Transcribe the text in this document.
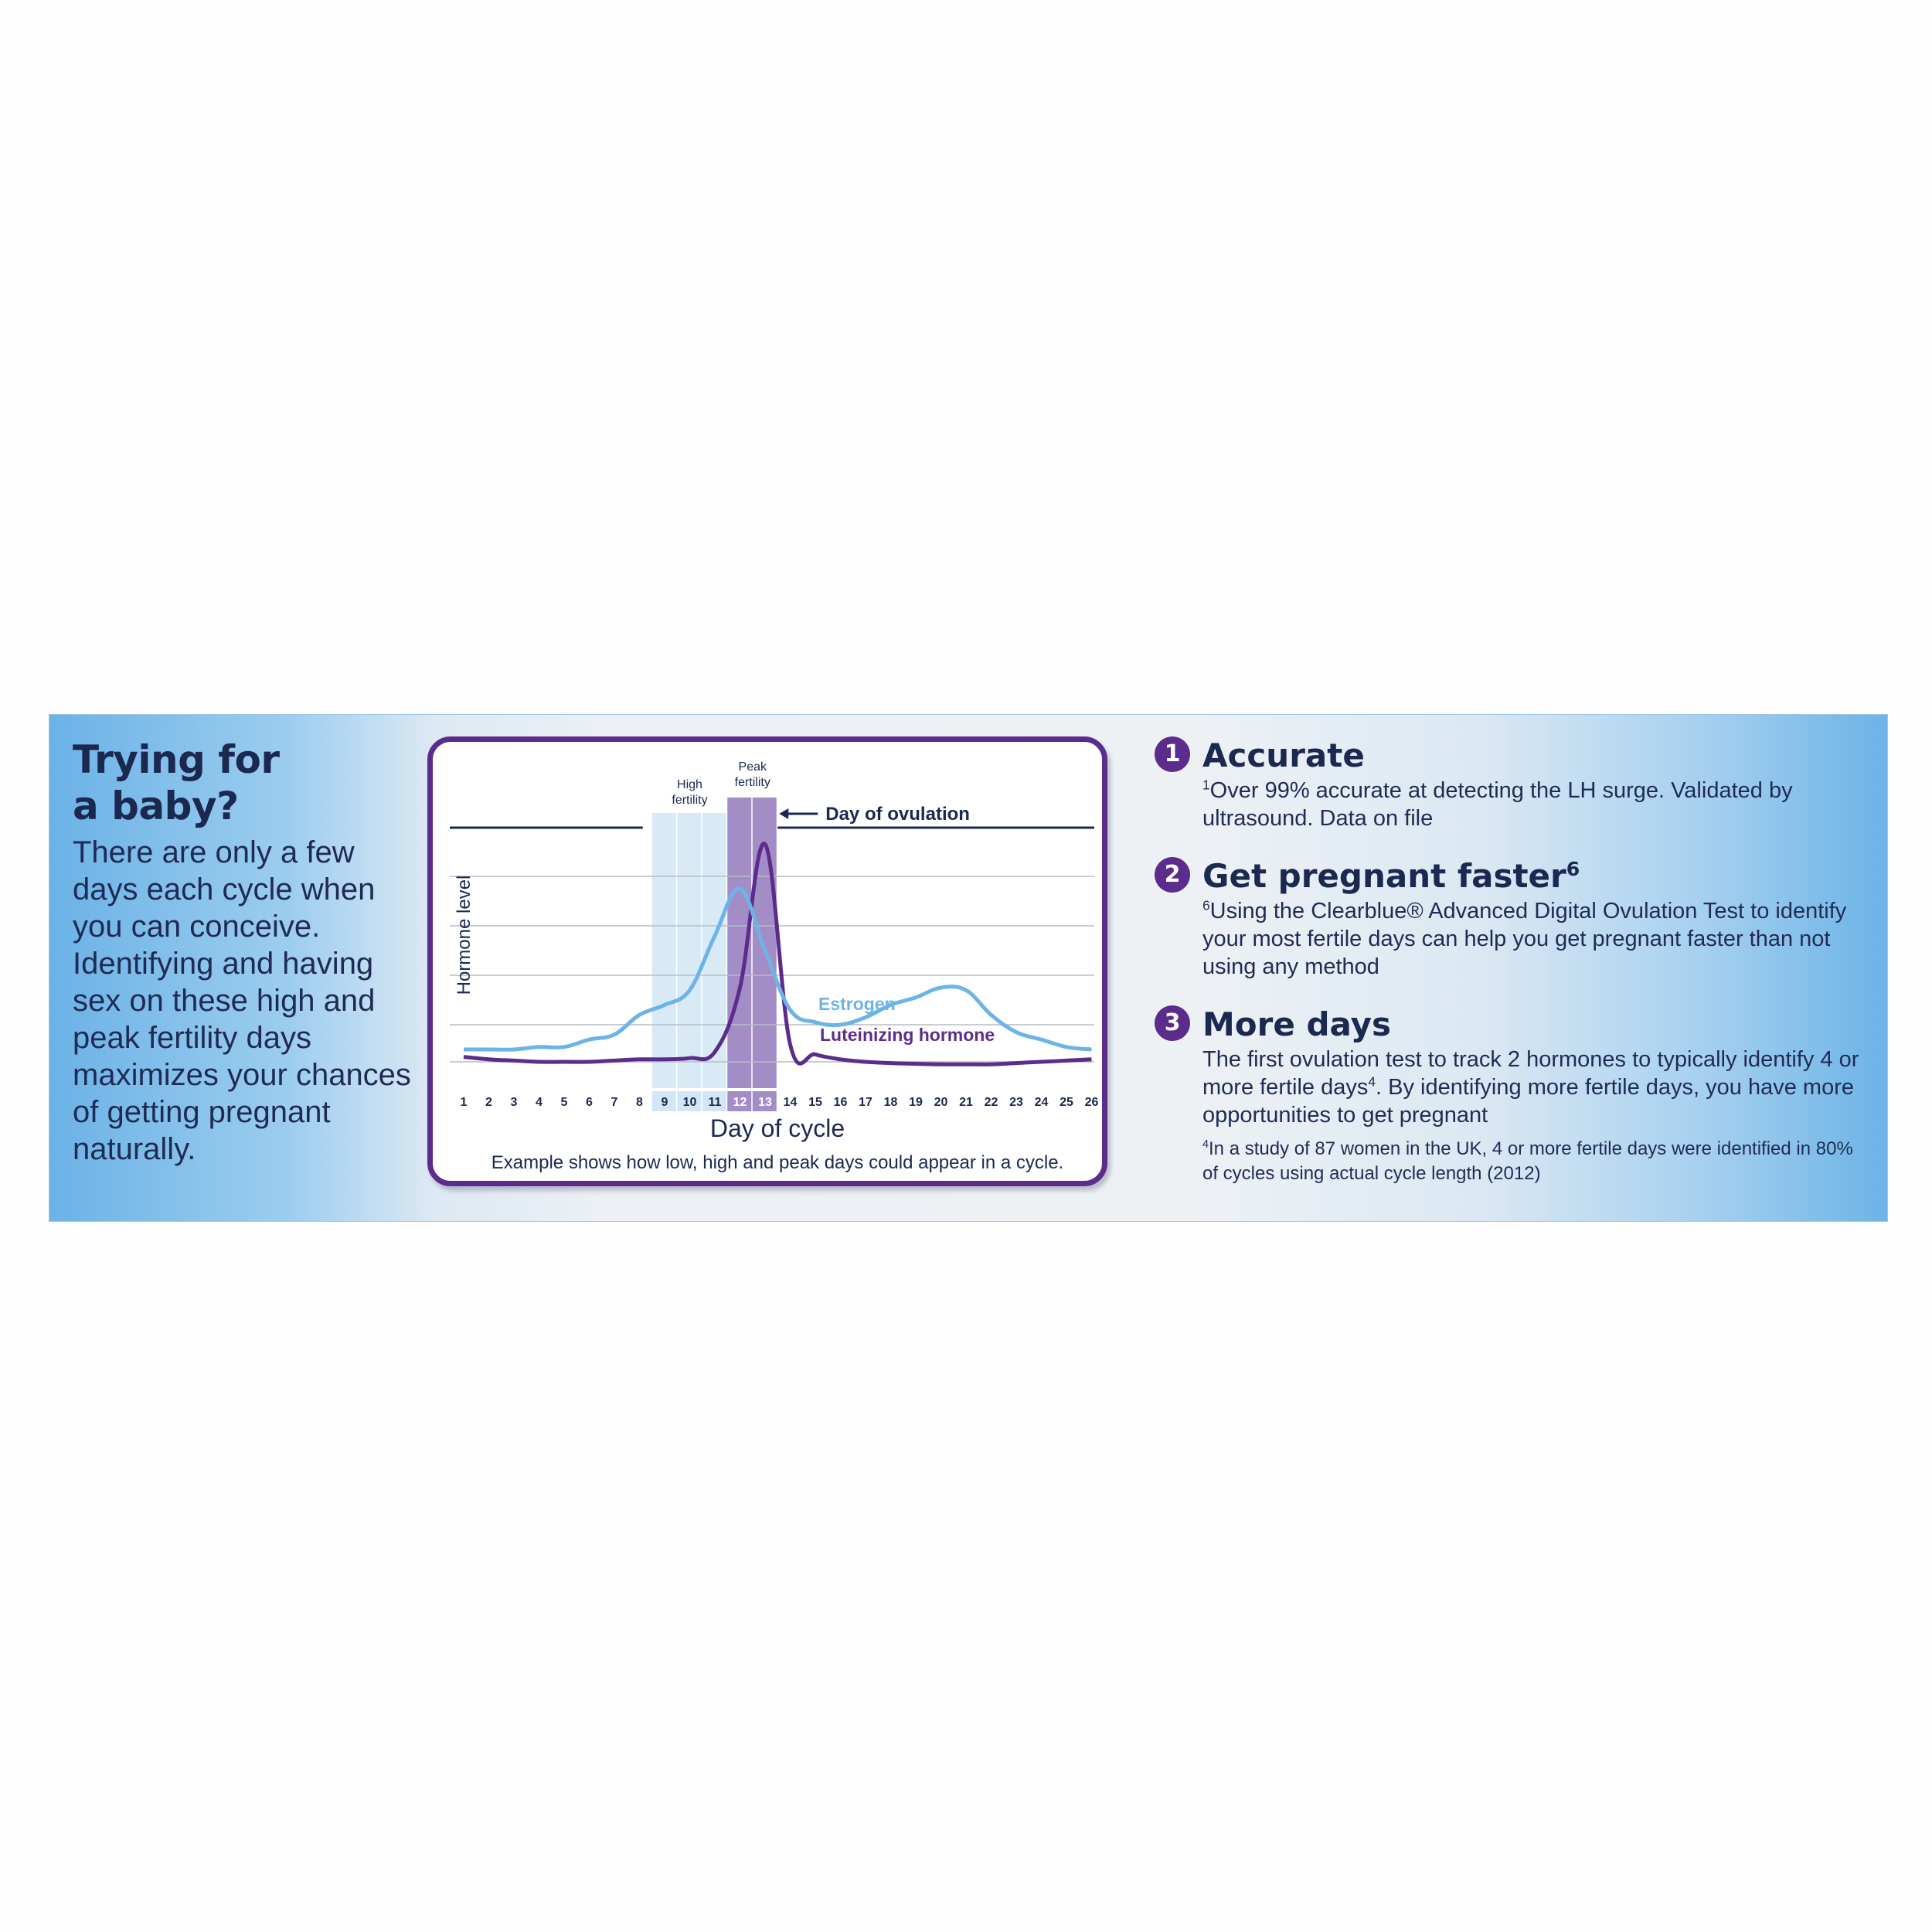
Trying for
a baby?

There are only a few days each cycle when you can conceive. Identifying and having sex on these high and peak fertility days maximizes your chances of getting pregnant naturally.

High
fertility
Peak
fertility
Day of ovulation
Estrogen
Luteinizing hormone
Hormone level
1 2 3 4 5 6 7 8 9 10 11 12 13 14 15 16 17 18 19 20 21 22 23 24 25 26
Day of cycle
Example shows how low, high and peak days could appear in a cycle.
1 Accurate
$^1$Over 99% accurate at detecting the LH surge. Validated by ultrasound. Data on file
2 Get pregnant faster$^6$
$^6$Using the Clearblue® Advanced Digital Ovulation Test to identify your most fertile days can help you get pregnant faster than not using any method
3 More days
The first ovulation test to track 2 hormones to typically identify 4 or more fertile days$^4$. By identifying more fertile days, you have more opportunities to get pregnant
$^4$In a study of 87 women in the UK, 4 or more fertile days were identified in 80% of cycles using actual cycle length (2012)
